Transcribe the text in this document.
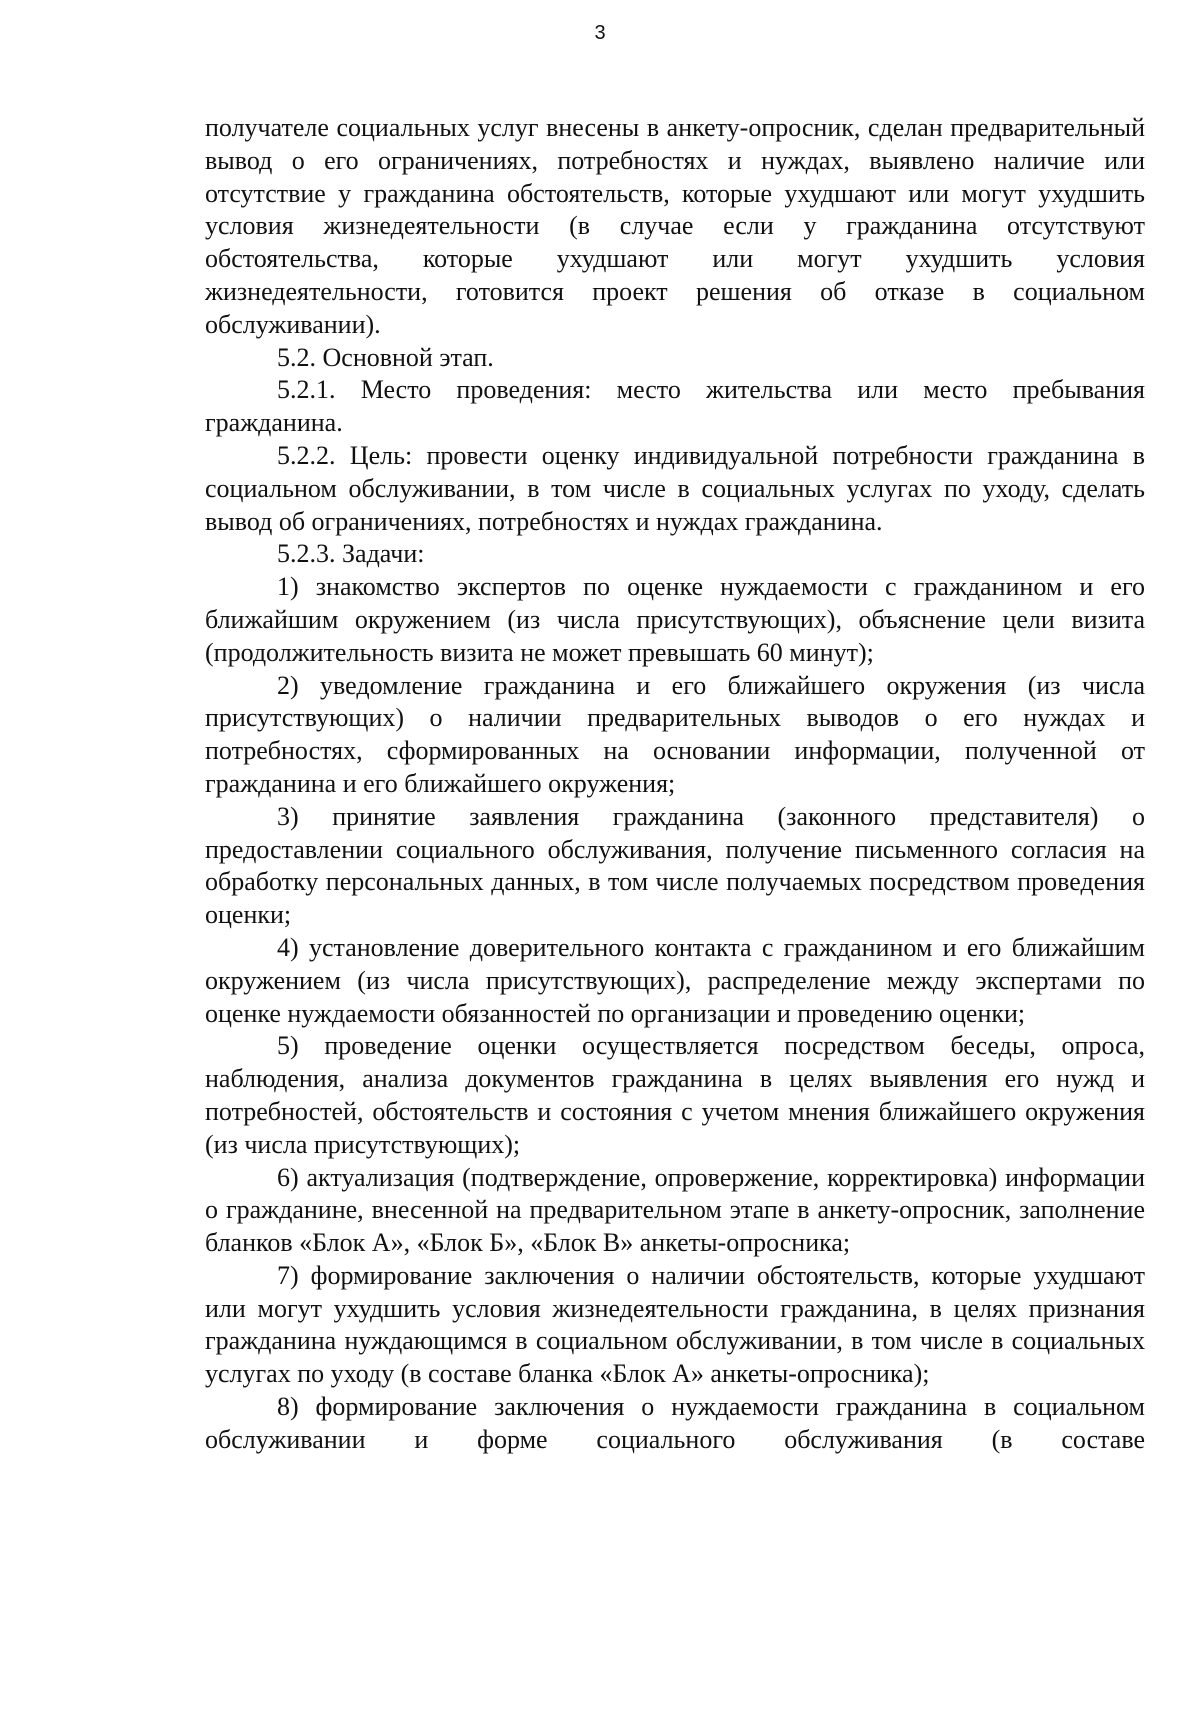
3

получателе социальных услуг внесены в анкету-опросник, сделан предварительный вывод о его ограничениях, потребностях и нуждах, выявлено наличие или отсутствие у гражданина обстоятельств, которые ухудшают или могут ухудшить условия жизнедеятельности (в случае если у гражданина отсутствуют обстоятельства, которые ухудшают или могут ухудшить условия жизнедеятельности, готовится проект решения об отказе в социальном обслуживании).

5.2. Основной этап.

5.2.1. Место проведения: место жительства или место пребывания гражданина.

5.2.2. Цель: провести оценку индивидуальной потребности гражданина в социальном обслуживании, в том числе в социальных услугах по уходу, сделать вывод об ограничениях, потребностях и нуждах гражданина.

5.2.3. Задачи:

1) знакомство экспертов по оценке нуждаемости с гражданином и его ближайшим окружением (из числа присутствующих), объяснение цели визита (продолжительность визита не может превышать 60 минут);

2) уведомление гражданина и его ближайшего окружения (из числа присутствующих) о наличии предварительных выводов о его нуждах и потребностях, сформированных на основании информации, полученной от гражданина и его ближайшего окружения;

3) принятие заявления гражданина (законного представителя) о предоставлении социального обслуживания, получение письменного согласия на обработку персональных данных, в том числе получаемых посредством проведения оценки;

4) установление доверительного контакта с гражданином и его ближайшим окружением (из числа присутствующих), распределение между экспертами по оценке нуждаемости обязанностей по организации и проведению оценки;

5) проведение оценки осуществляется посредством беседы, опроса, наблюдения, анализа документов гражданина в целях выявления его нужд и потребностей, обстоятельств и состояния с учетом мнения ближайшего окружения (из числа присутствующих);

6) актуализация (подтверждение, опровержение, корректировка) информации о гражданине, внесенной на предварительном этапе в анкету-опросник, заполнение бланков «Блок А», «Блок Б», «Блок В» анкеты-опросника;

7) формирование заключения о наличии обстоятельств, которые ухудшают или могут ухудшить условия жизнедеятельности гражданина, в целях признания гражданина нуждающимся в социальном обслуживании, в том числе в социальных услугах по уходу (в составе бланка «Блок А» анкеты-опросника);

8) формирование заключения о нуждаемости гражданина в социальном обслуживании и форме социального обслуживания (в составе
